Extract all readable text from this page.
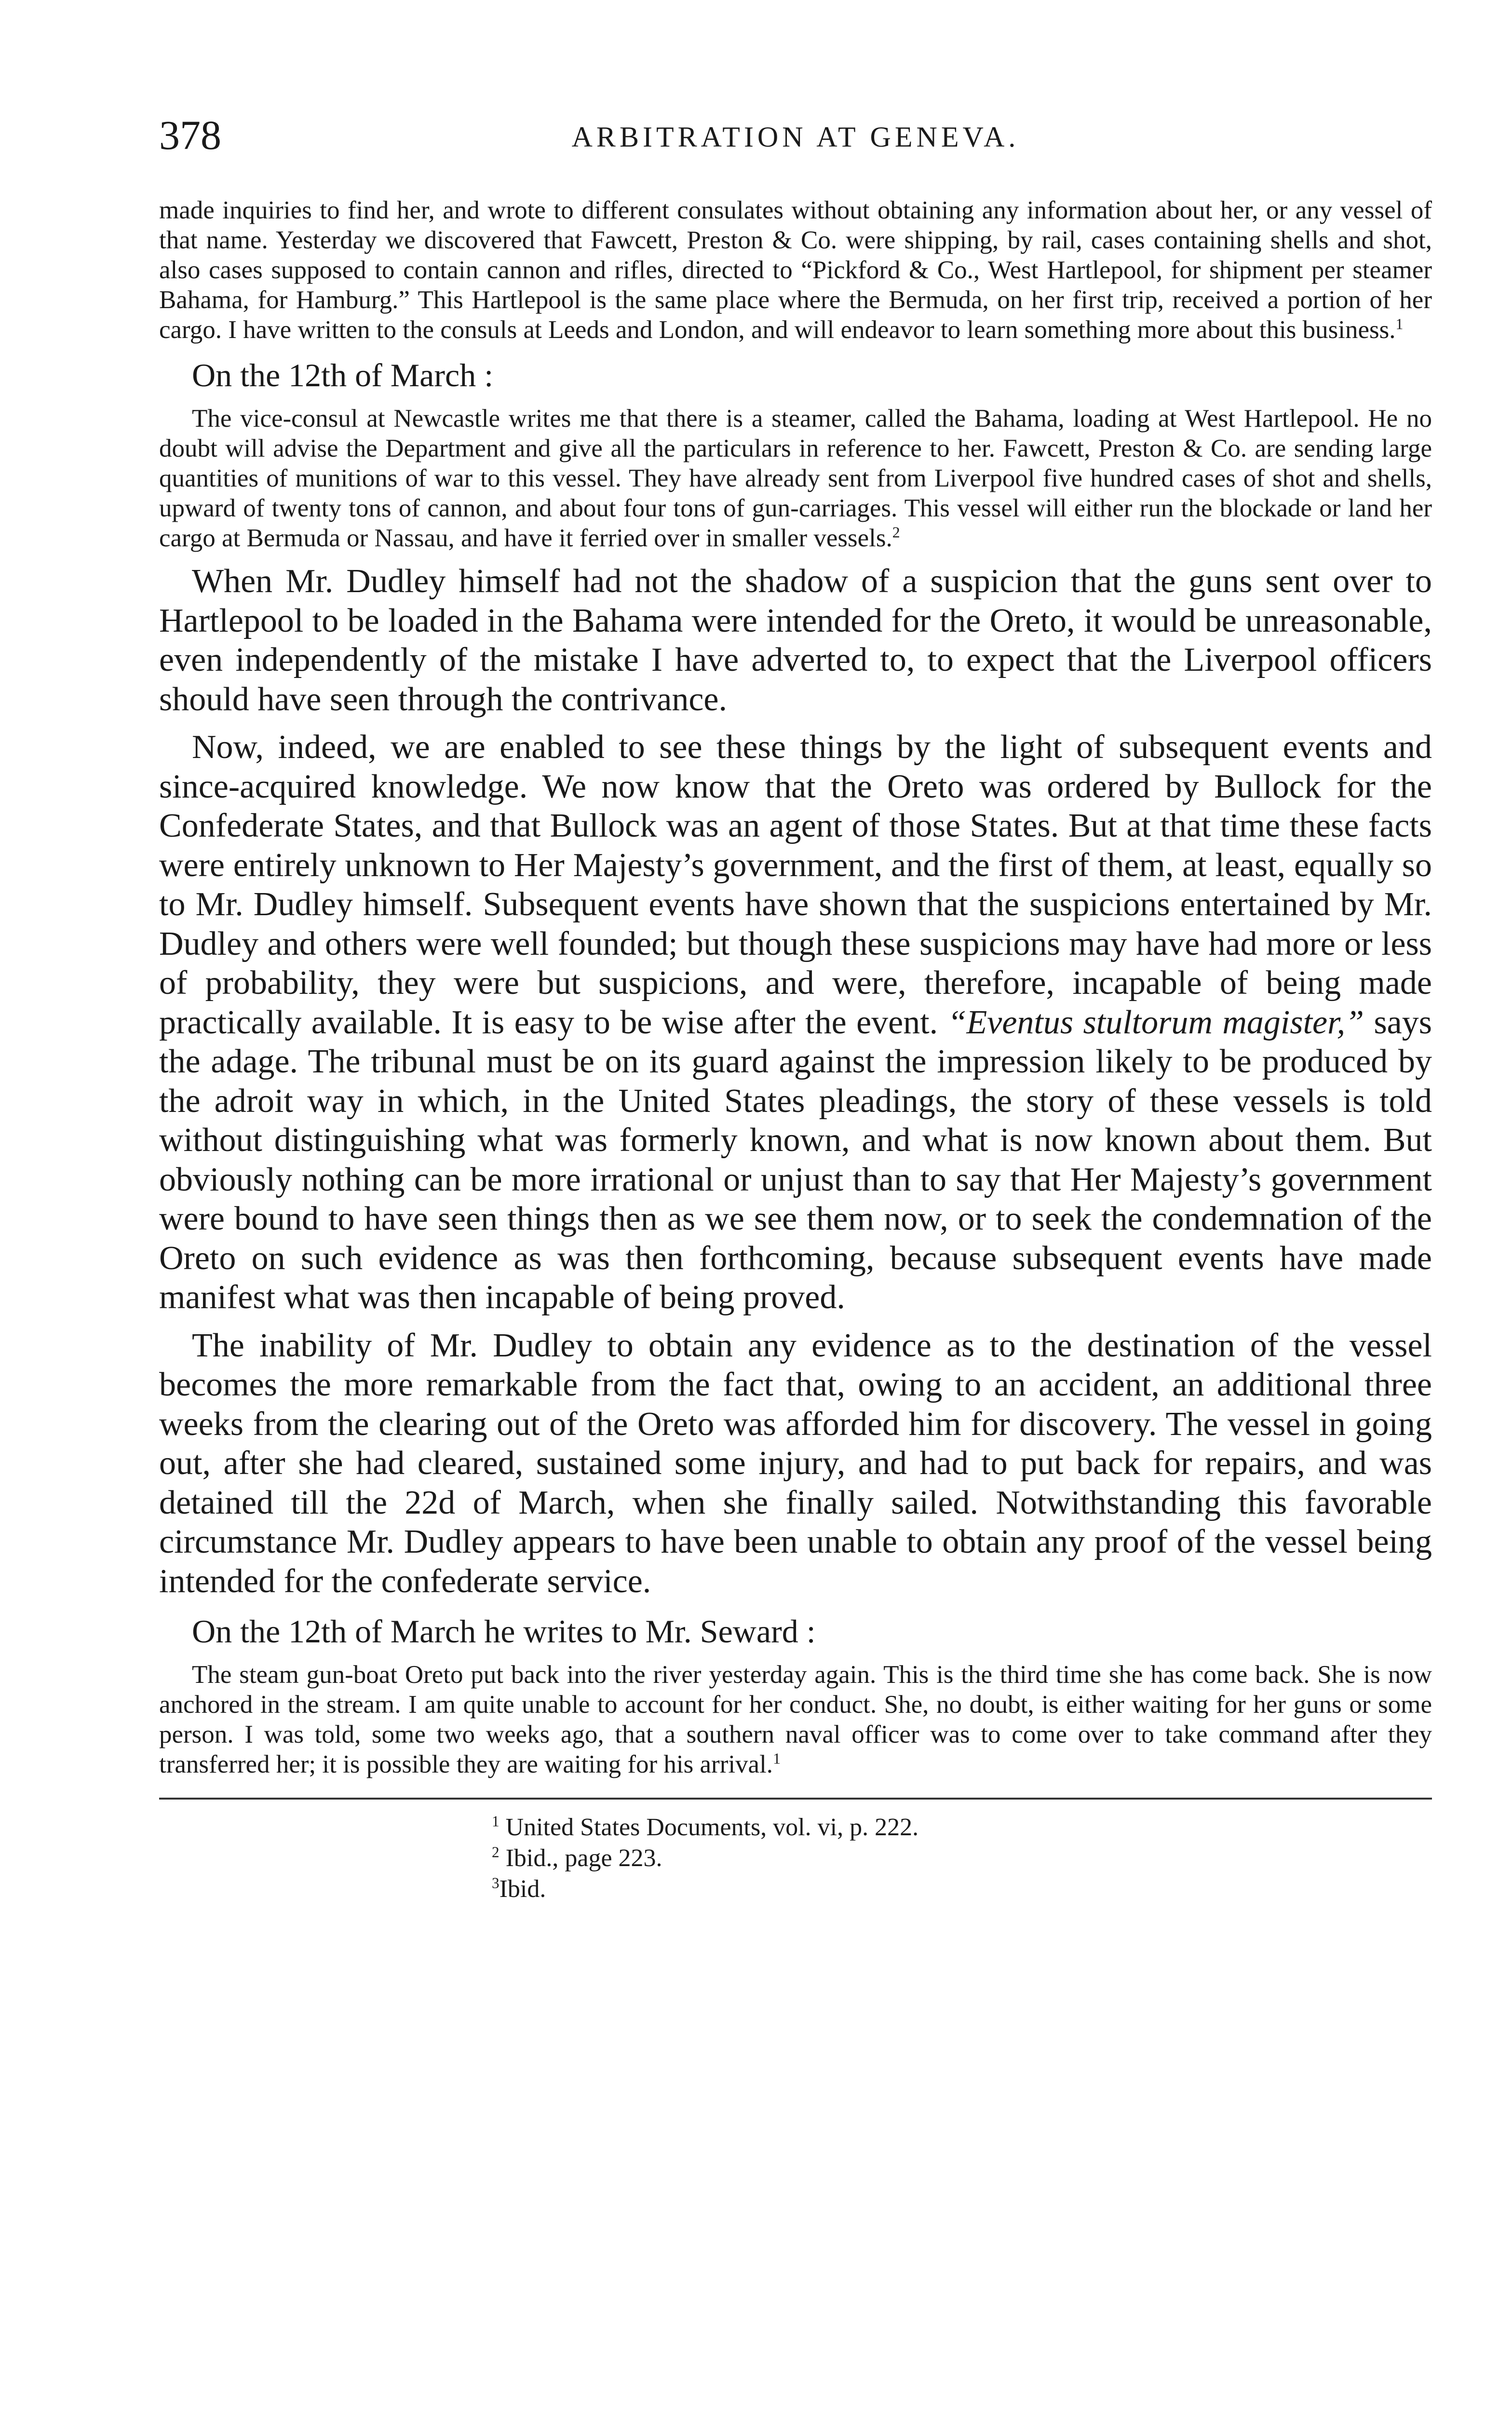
378	ARBITRATION AT GENEVA.

made inquiries to find her, and wrote to different consulates without obtaining any information about her, or any vessel of that name. Yesterday we discovered that Fawcett, Preston & Co. were shipping, by rail, cases containing shells and shot, also cases supposed to contain cannon and rifles, directed to “Pickford & Co., West Hartlepool, for shipment per steamer Bahama, for Hamburg.” This Hartlepool is the same place where the Bermuda, on her first trip, received a portion of her cargo. I have written to the consuls at Leeds and London, and will endeavor to learn something more about this business.$^1$

On the 12th of March :

The vice-consul at Newcastle writes me that there is a steamer, called the Bahama, loading at West Hartlepool. He no doubt will advise the Department and give all the particulars in reference to her. Fawcett, Preston & Co. are sending large quantities of munitions of war to this vessel. They have already sent from Liverpool five hundred cases of shot and shells, upward of twenty tons of cannon, and about four tons of gun-carriages. This vessel will either run the blockade or land her cargo at Bermuda or Nassau, and have it ferried over in smaller vessels.$^2$

When Mr. Dudley himself had not the shadow of a suspicion that the guns sent over to Hartlepool to be loaded in the Bahama were intended for the Oreto, it would be unreasonable, even independently of the mistake I have adverted to, to expect that the Liverpool officers should have seen through the contrivance.

Now, indeed, we are enabled to see these things by the light of subsequent events and since-acquired knowledge. We now know that the Oreto was ordered by Bullock for the Confederate States, and that Bullock was an agent of those States. But at that time these facts were entirely unknown to Her Majesty’s government, and the first of them, at least, equally so to Mr. Dudley himself. Subsequent events have shown that the suspicions entertained by Mr. Dudley and others were well founded; but though these suspicions may have had more or less of probability, they were but suspicions, and were, therefore, incapable of being made practically available. It is easy to be wise after the event. “Eventus stultorum magister,” says the adage. The tribunal must be on its guard against the impression likely to be produced by the adroit way in which, in the United States pleadings, the story of these vessels is told without distinguishing what was formerly known, and what is now known about them. But obviously nothing can be more irrational or unjust than to say that Her Majesty’s government were bound to have seen things then as we see them now, or to seek the condemnation of the Oreto on such evidence as was then forthcoming, because subsequent events have made manifest what was then incapable of being proved.

The inability of Mr. Dudley to obtain any evidence as to the destination of the vessel becomes the more remarkable from the fact that, owing to an accident, an additional three weeks from the clearing out of the Oreto was afforded him for discovery. The vessel in going out, after she had cleared, sustained some injury, and had to put back for repairs, and was detained till the 22d of March, when she finally sailed. Notwithstanding this favorable circumstance Mr. Dudley appears to have been unable to obtain any proof of the vessel being intended for the confederate service.

On the 12th of March he writes to Mr. Seward :

The steam gun-boat Oreto put back into the river yesterday again. This is the third time she has come back. She is now anchored in the stream. I am quite unable to account for her conduct. She, no doubt, is either waiting for her guns or some person. I was told, some two weeks ago, that a southern naval officer was to come over to take command after they transferred her; it is possible they are waiting for his arrival.$^1$

$^1$ United States Documents, vol. vi, p. 222.
$^2$ Ibid., page 223.
$^3$Ibid.
